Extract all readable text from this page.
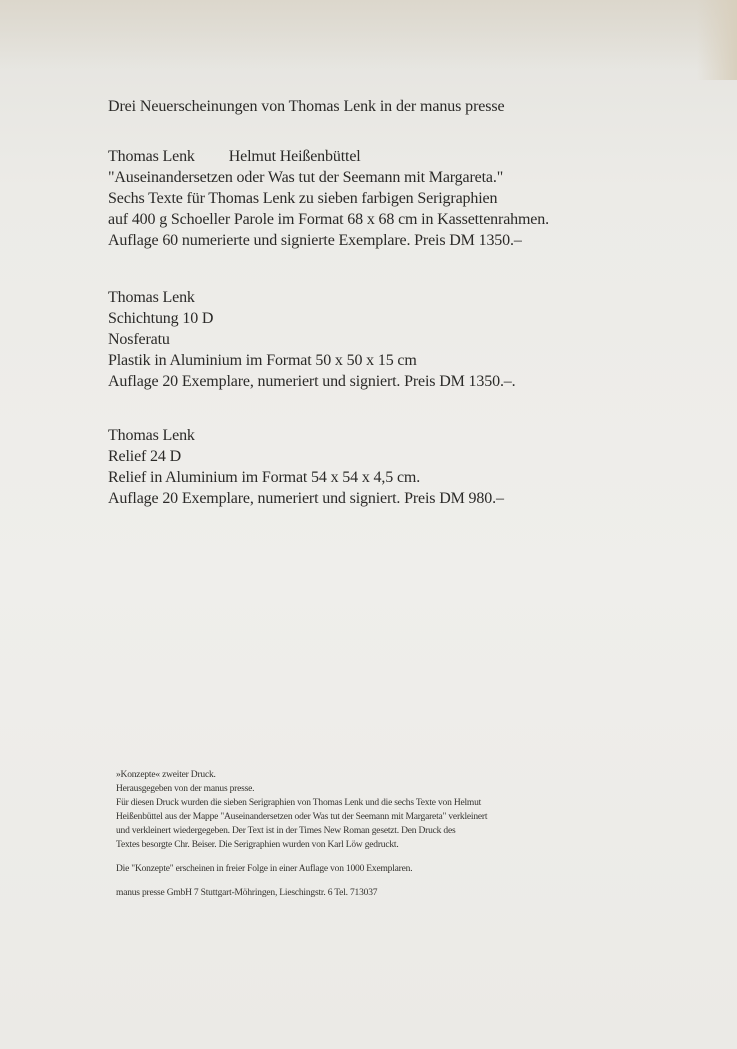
Drei Neuerscheinungen von Thomas Lenk in der manus presse
Thomas Lenk Helmut Heißenbüttel
"Auseinandersetzen oder Was tut der Seemann mit Margareta."
Sechs Texte für Thomas Lenk zu sieben farbigen Serigraphien
auf 400 g Schoeller Parole im Format 68 x 68 cm in Kassettenrahmen.
Auflage 60 numerierte und signierte Exemplare. Preis DM 1350.–
Thomas Lenk
Schichtung 10 D
Nosferatu
Plastik in Aluminium im Format 50 x 50 x 15 cm
Auflage 20 Exemplare, numeriert und signiert. Preis DM 1350.–.
Thomas Lenk
Relief 24 D
Relief in Aluminium im Format 54 x 54 x 4,5 cm.
Auflage 20 Exemplare, numeriert und signiert. Preis DM 980.–
»Konzepte« zweiter Druck.
Herausgegeben von der manus presse.
Für diesen Druck wurden die sieben Serigraphien von Thomas Lenk und die sechs Texte von Helmut
Heißenbüttel aus der Mappe "Auseinandersetzen oder Was tut der Seemann mit Margareta" verkleinert
und verkleinert wiedergegeben. Der Text ist in der Times New Roman gesetzt. Den Druck des
Textes besorgte Chr. Beiser. Die Serigraphien wurden von Karl Löw gedruckt.
Die "Konzepte" erscheinen in freier Folge in einer Auflage von 1000 Exemplaren.
manus presse GmbH 7 Stuttgart-Möhringen, Lieschingstr. 6 Tel. 713037
